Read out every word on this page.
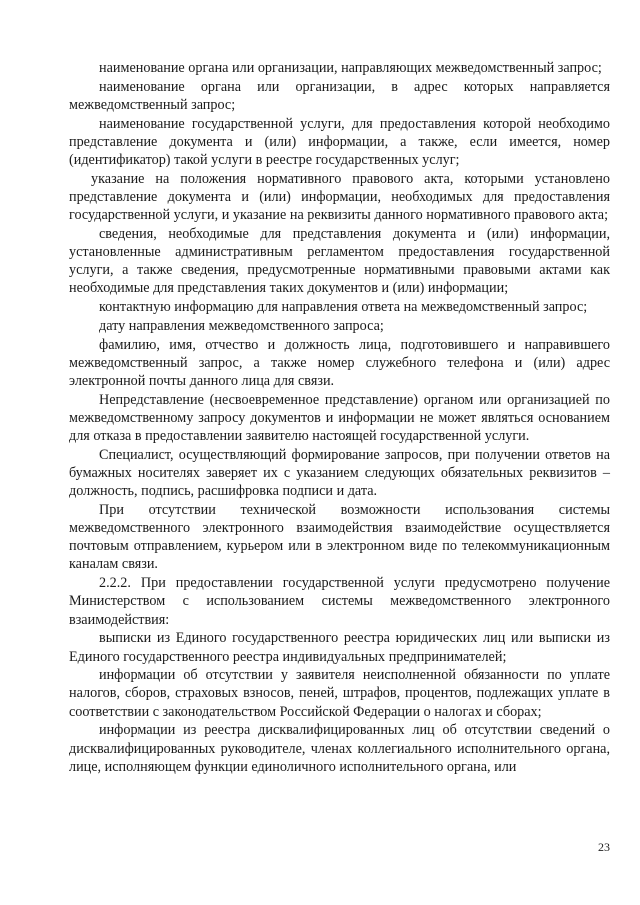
наименование органа или организации, направляющих межведомственный запрос;

наименование органа или организации, в адрес которых направляется межведомственный запрос;

наименование государственной услуги, для предоставления которой необходимо представление документа и (или) информации, а также, если имеется, номер (идентификатор) такой услуги в реестре государственных услуг;

указание на положения нормативного правового акта, которыми установлено представление документа и (или) информации, необходимых для предоставления государственной услуги, и указание на реквизиты данного нормативного правового акта;

сведения, необходимые для представления документа и (или) информации, установленные административным регламентом предоставления государственной услуги, а также сведения, предусмотренные нормативными правовыми актами как необходимые для представления таких документов и (или) информации;

контактную информацию для направления ответа на межведомственный запрос;

дату направления межведомственного запроса;

фамилию, имя, отчество и должность лица, подготовившего и направившего межведомственный запрос, а также номер служебного телефона и (или) адрес электронной почты данного лица для связи.

Непредставление (несвоевременное представление) органом или организацией по межведомственному запросу документов и информации не может являться основанием для отказа в предоставлении заявителю настоящей государственной услуги.

Специалист, осуществляющий формирование запросов, при получении ответов на бумажных носителях заверяет их с указанием следующих обязательных реквизитов – должность, подпись, расшифровка подписи и дата.

При отсутствии технической возможности использования системы межведомственного электронного взаимодействия взаимодействие осуществляется почтовым отправлением, курьером или в электронном виде по телекоммуникационным каналам связи.

2.2.2. При предоставлении государственной услуги предусмотрено получение Министерством с использованием системы межведомственного электронного взаимодействия:

выписки из Единого государственного реестра юридических лиц или выписки из Единого государственного реестра индивидуальных предпринимателей;

информации об отсутствии у заявителя неисполненной обязанности по уплате налогов, сборов, страховых взносов, пеней, штрафов, процентов, подлежащих уплате в соответствии с законодательством Российской Федерации о налогах и сборах;

информации из реестра дисквалифицированных лиц об отсутствии сведений о дисквалифицированных руководителе, членах коллегиального исполнительного органа, лице, исполняющем функции единоличного исполнительного органа, или

23
